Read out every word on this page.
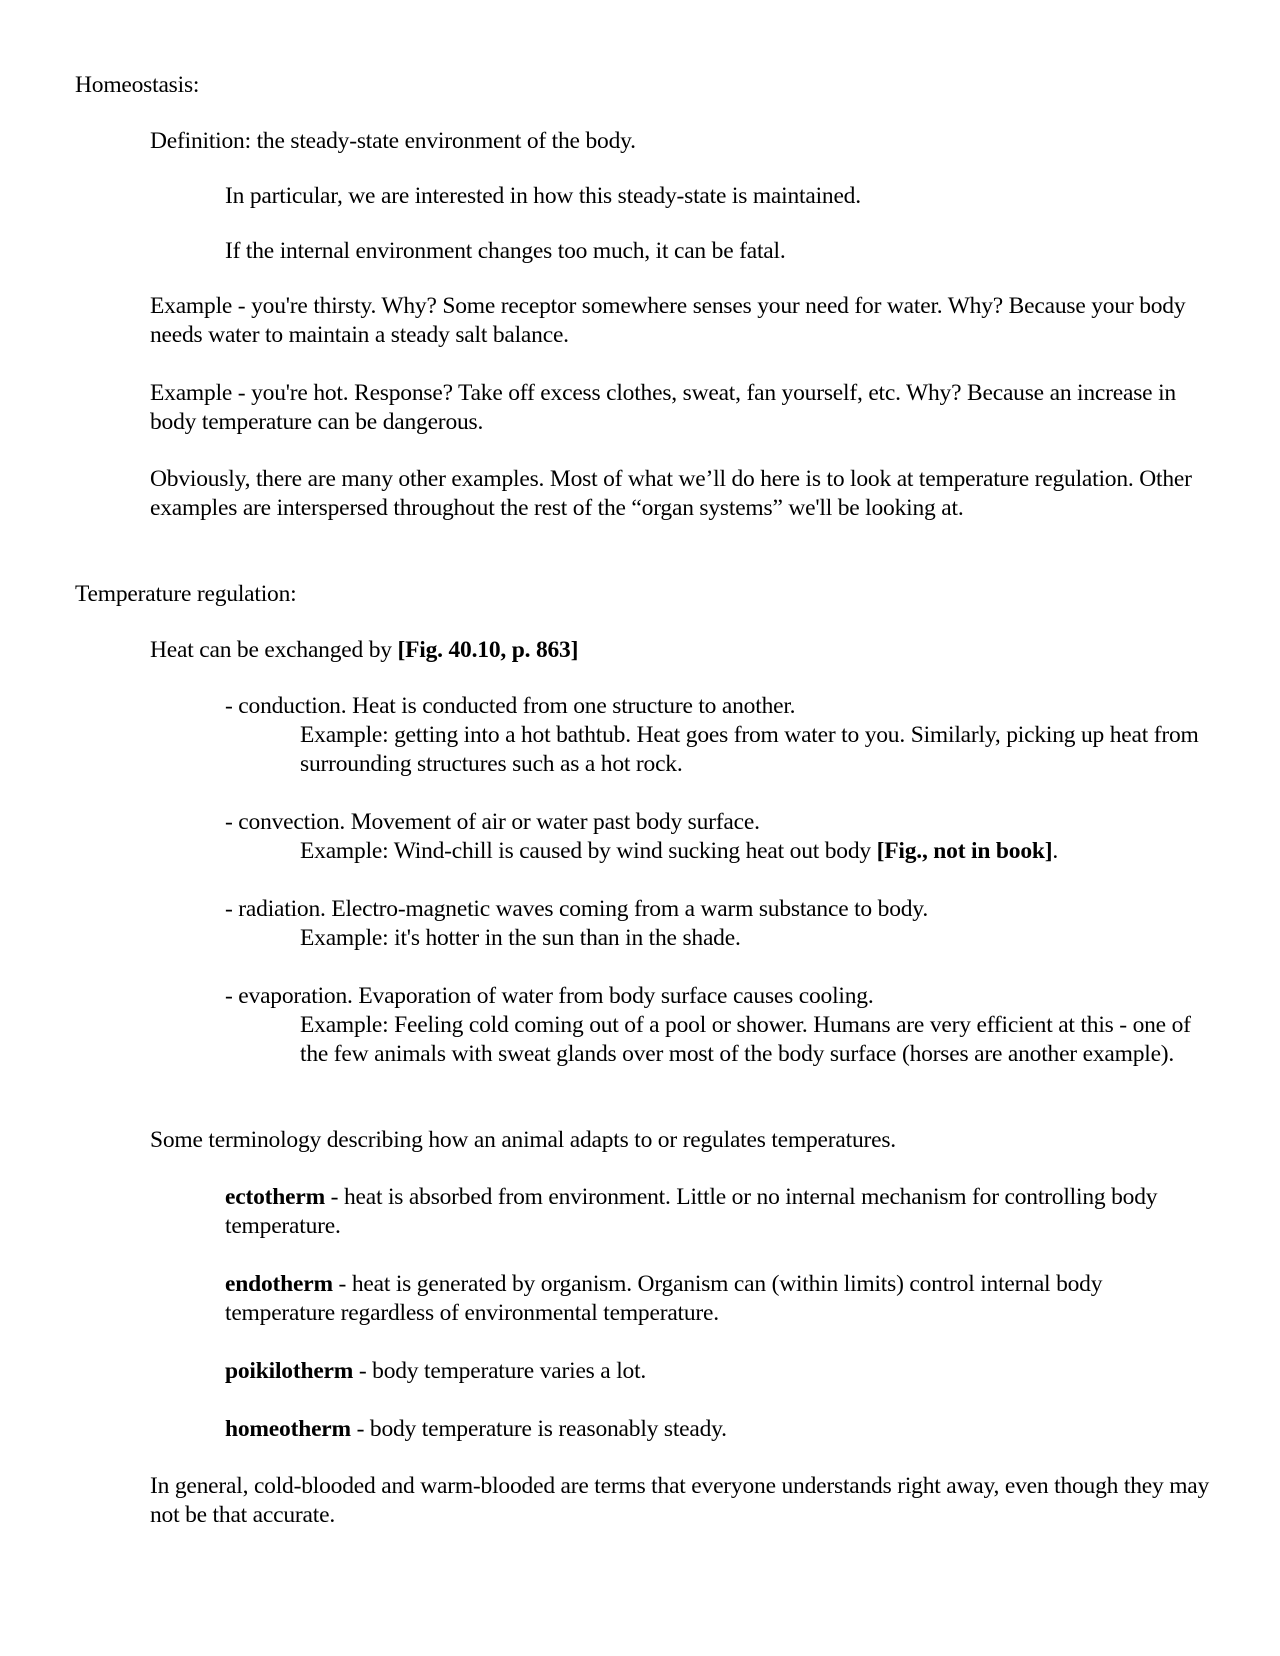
Homeostasis:

Definition: the steady-state environment of the body.

In particular, we are interested in how this steady-state is maintained.

If the internal environment changes too much, it can be fatal.

Example - you're thirsty. Why? Some receptor somewhere senses your need for water. Why? Because your body needs water to maintain a steady salt balance.

Example - you're hot. Response? Take off excess clothes, sweat, fan yourself, etc. Why? Because an increase in body temperature can be dangerous.

Obviously, there are many other examples. Most of what we’ll do here is to look at temperature regulation. Other examples are interspersed throughout the rest of the “organ systems” we'll be looking at.

Temperature regulation:

Heat can be exchanged by [Fig. 40.10, p. 863]

- conduction. Heat is conducted from one structure to another.

Example: getting into a hot bathtub. Heat goes from water to you. Similarly, picking up heat from surrounding structures such as a hot rock.

- convection. Movement of air or water past body surface.

Example: Wind-chill is caused by wind sucking heat out body [Fig., not in book].

- radiation. Electro-magnetic waves coming from a warm substance to body.

Example: it's hotter in the sun than in the shade.

- evaporation. Evaporation of water from body surface causes cooling.

Example: Feeling cold coming out of a pool or shower. Humans are very efficient at this - one of the few animals with sweat glands over most of the body surface (horses are another example).

Some terminology describing how an animal adapts to or regulates temperatures.

ectotherm - heat is absorbed from environment. Little or no internal mechanism for controlling body temperature.

endotherm - heat is generated by organism. Organism can (within limits) control internal body temperature regardless of environmental temperature.

poikilotherm - body temperature varies a lot.

homeotherm - body temperature is reasonably steady.

In general, cold-blooded and warm-blooded are terms that everyone understands right away, even though they may not be that accurate.
